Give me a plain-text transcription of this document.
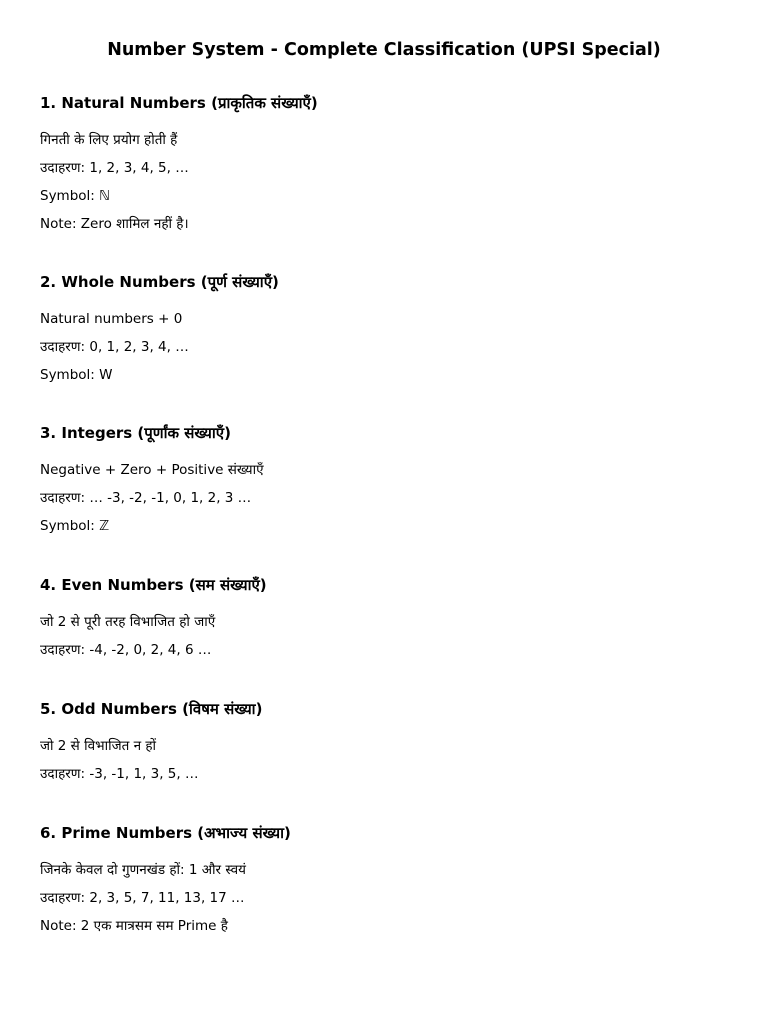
Number System - Complete Classification (UPSI Special)
1. Natural Numbers (प्राकृतिक संख्याएँ)
गिनती के लिए प्रयोग होती हैं
उदाहरण: 1, 2, 3, 4, 5, …
Symbol: ℕ
Note: Zero शामिल नहीं है।
2. Whole Numbers (पूर्ण संख्याएँ)
Natural numbers + 0
उदाहरण: 0, 1, 2, 3, 4, …
Symbol: W
3. Integers (पूर्णांक संख्याएँ)
Negative + Zero + Positive संख्याएँ
उदाहरण: … -3, -2, -1, 0, 1, 2, 3 …
Symbol: ℤ
4. Even Numbers (सम संख्याएँ)
जो 2 से पूरी तरह विभाजित हो जाएँ
उदाहरण: -4, -2, 0, 2, 4, 6 …
5. Odd Numbers (विषम संख्या)
जो 2 से विभाजित न हों
उदाहरण: -3, -1, 1, 3, 5, …
6. Prime Numbers (अभाज्य संख्या)
जिनके केवल दो गुणनखंड हों: 1 और स्वयं
उदाहरण: 2, 3, 5, 7, 11, 13, 17 …
Note: 2 एक मात्रसम सम Prime है
